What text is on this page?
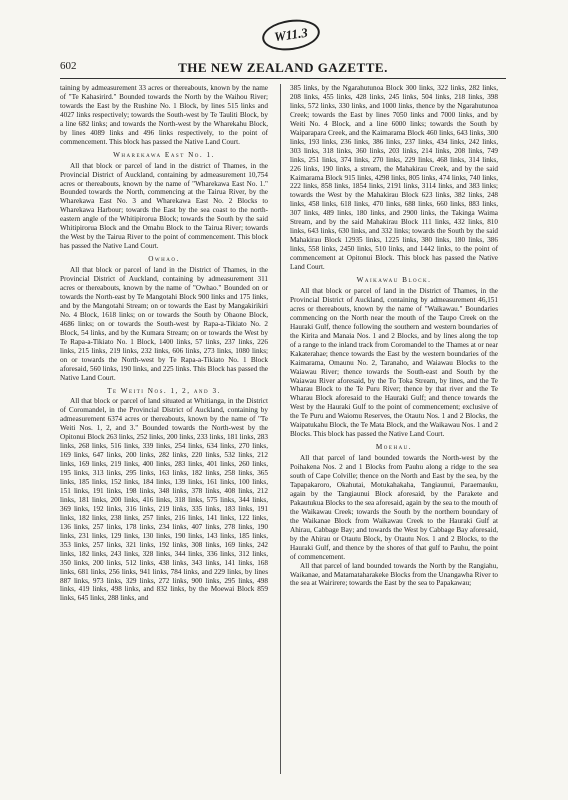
W11.3
602	THE NEW ZEALAND GAZETTE.

taining by admeasurement 33 acres or thereabouts, known by the name of "Te Kahasirird." Bounded towards the North by the Waihou River; towards the East by the Rushine No. 1 Block, by lines 515 links and 4027 links respectively; towards the South-west by Te Tauliti Block, by a line 682 links; and towards the North-west by the Wharekahu Block, by lines 4089 links and 496 links respectively, to the point of commencement. This block has passed the Native Land Court.

Wharekawa East No. 1.

All that block or parcel of land in the district of Thames, in the Provincial District of Auckland, containing by admeasurement 10,754 acres or thereabouts, known by the name of "Wharekawa East No. 1." Bounded towards the North, commencing at the Tairua River, by the Wharekawa East No. 3 and Wharekawa East No. 2 Blocks to Wharekawa Harbour; towards the East by the sea coast to the north-eastern angle of the Whitipirorua Block; towards the South by the said Whitipirorua Block and the Omahu Block to the Tairua River; towards the West by the Tairua River to the point of commencement. This block has passed the Native Land Court.

Owhao.

All that block or parcel of land in the District of Thames, in the Provincial District of Auckland, containing by admeasurement 311 acres or thereabouts, known by the name of "Owhao." Bounded on or towards the North-east by Te Mangotahi Block 900 links and 175 links, and by the Mangotahi Stream; on or towards the East by Mangakirikiri No. 4 Block, 1618 links; on or towards the South by Ohaone Block, 4686 links; on or towards the South-west by Rapa-a-Tikiato No. 2 Block, 54 links, and by the Kumara Stream; on or towards the West by Te Rapa-a-Tikiato No. 1 Block, 1400 links, 57 links, 237 links, 226 links, 215 links, 219 links, 232 links, 606 links, 273 links, 1080 links; on or towards the North-west by Te Rapa-a-Tikiato No. 1 Block aforesaid, 560 links, 190 links, and 225 links. This Block has passed the Native Land Court.

Te Weiti Nos. 1, 2, and 3.

All that block or parcel of land situated at Whitianga, in the District of Coromandel, in the Provincial District of Auckland, containing by admeasurement 6374 acres or thereabouts, known by the name of "Te Weiti Nos. 1, 2, and 3." Bounded towards the North-west by the Opitonui Block 263 links, 252 links, 200 links, 233 links, 181 links, 283 links, 268 links, 516 links, 339 links, 254 links, 634 links, 270 links, 169 links, 647 links, 200 links, 282 links, 220 links, 532 links, 212 links, 169 links, 219 links, 400 links, 283 links, 401 links, 260 links, 195 links, 313 links, 295 links, 163 links, 182 links, 258 links, 365 links, 185 links, 152 links, 184 links, 139 links, 161 links, 100 links, 151 links, 191 links, 198 links, 348 links, 378 links, 408 links, 212 links, 181 links, 200 links, 416 links, 318 links, 575 links, 344 links, 369 links, 192 links, 316 links, 219 links, 335 links, 183 links, 191 links, 182 links, 238 links, 257 links, 216 links, 141 links, 122 links, 136 links, 257 links, 178 links, 234 links, 407 links, 278 links, 190 links, 231 links, 129 links, 130 links, 190 links, 143 links, 185 links, 353 links, 257 links, 321 links, 192 links, 308 links, 169 links, 242 links, 182 links, 243 links, 328 links, 344 links, 336 links, 312 links, 350 links, 200 links, 512 links, 438 links, 343 links, 141 links, 168 links, 681 links, 256 links, 941 links, 784 links, and 229 links, by lines 887 links, 973 links, 329 links, 272 links, 900 links, 295 links, 498 links, 419 links, 498 links, and 832 links, by the Moewai Block 859 links, 645 links, 288 links, and

385 links, by the Ngarahutunoa Block 300 links, 322 links, 282 links, 208 links, 455 links, 428 links, 245 links, 504 links, 218 links, 398 links, 572 links, 330 links, and 1000 links, thence by the Ngarahutunoa Creek; towards the East by lines 7050 links and 7000 links, and by Weiti No. 4 Block, and a line 6000 links; towards the South by Waiparapara Creek, and the Kaimarama Block 460 links, 643 links, 300 links, 193 links, 236 links, 386 links, 237 links, 434 links, 242 links, 303 links, 318 links, 360 links, 203 links, 214 links, 208 links, 749 links, 251 links, 374 links, 270 links, 229 links, 468 links, 314 links, 226 links, 190 links, a stream, the Mahakirau Creek, and by the said Kaimarama Block 915 links, 4298 links, 805 links, 474 links, 740 links, 222 links, 858 links, 1854 links, 2191 links, 3114 links, and 383 links; towards the West by the Mahakirau Block 623 links, 382 links, 248 links, 458 links, 618 links, 470 links, 688 links, 660 links, 883 links, 307 links, 489 links, 180 links, and 2900 links, the Takinga Waima Stream, and by the said Mahakirau Block 111 links, 432 links, 810 links, 643 links, 630 links, and 332 links; towards the South by the said Mahakirau Block 12935 links, 1225 links, 380 links, 180 links, 386 links, 558 links, 2450 links, 510 links, and 1442 links, to the point of commencement at Opitonui Block. This block has passed the Native Land Court.

Waikawau Block.

All that block or parcel of land in the District of Thames, in the Provincial District of Auckland, containing by admeasurement 46,151 acres or thereabouts, known by the name of "Waikawau." Boundaries commencing on the North near the mouth of the Taupo Creek on the Hauraki Gulf, thence following the southern and western boundaries of the Kirita and Manaia Nos. 1 and 2 Blocks, and by lines along the top of a range to the inland track from Coromandel to the Thames at or near Kakaterahae; thence towards the East by the western boundaries of the Kaimarama, Omaunu No. 2, Taranaho, and Waiawau Blocks to the Waiawau River; thence towards the South-east and South by the Waiawau River aforesaid, by the To Toka Stream, by lines, and the Te Wharau Block to the Te Puru River; thence by that river and the Te Wharau Block aforesaid to the Hauraki Gulf; and thence towards the West by the Hauraki Gulf to the point of commencement; exclusive of the Te Puru and Waiomu Reserves, the Otautu Nos. 1 and 2 Blocks, the Waipatukahu Block, the Te Mata Block, and the Waikawau Nos. 1 and 2 Blocks. This block has passed the Native Land Court.

Moehau.

All that parcel of land bounded towards the North-west by the Poihakena Nos. 2 and 1 Blocks from Pauhu along a ridge to the sea south of Cape Colville; thence on the North and East by the sea, by the Tapapakaroro, Okahutai, Motukahakaha, Tangiaunui, Paraemauku, again by the Tangiaunui Block aforesaid, by the Parakete and Pakautukua Blocks to the sea aforesaid, again by the sea to the mouth of the Waikawau Creek; towards the South by the northern boundary of the Waikanae Block from Waikawau Creek to the Hauraki Gulf at Ahirau, Cabbage Bay; and towards the West by Cabbage Bay aforesaid, by the Ahirau or Otautu Block, by Otautu Nos. 1 and 2 Blocks, to the Hauraki Gulf, and thence by the shores of that gulf to Pauhu, the point of commencement.

All that parcel of land bounded towards the North by the Rangiahu, Waikanae, and Matamataharakeke Blocks from the Unangawha River to the sea at Wairirere; towards the East by the sea to Papakawau;
